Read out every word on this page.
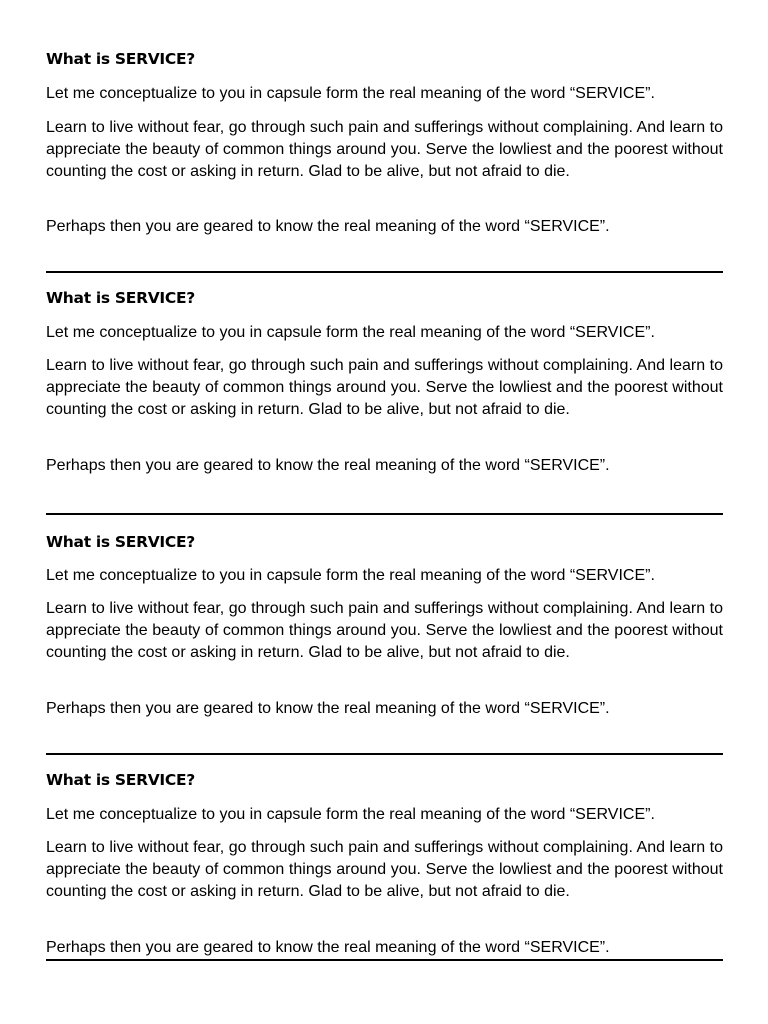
What is SERVICE?
Let me conceptualize to you in capsule form the real meaning of the word “SERVICE”.
Learn to live without fear, go through such pain and sufferings without complaining. And learn to appreciate the beauty of common things around you. Serve the lowliest and the poorest without counting the cost or asking in return. Glad to be alive, but not afraid to die.
Perhaps then you are geared to know the real meaning of the word “SERVICE”.
What is SERVICE?
Let me conceptualize to you in capsule form the real meaning of the word “SERVICE”.
Learn to live without fear, go through such pain and sufferings without complaining. And learn to appreciate the beauty of common things around you. Serve the lowliest and the poorest without counting the cost or asking in return. Glad to be alive, but not afraid to die.
Perhaps then you are geared to know the real meaning of the word “SERVICE”.
What is SERVICE?
Let me conceptualize to you in capsule form the real meaning of the word “SERVICE”.
Learn to live without fear, go through such pain and sufferings without complaining. And learn to appreciate the beauty of common things around you. Serve the lowliest and the poorest without counting the cost or asking in return. Glad to be alive, but not afraid to die.
Perhaps then you are geared to know the real meaning of the word “SERVICE”.
What is SERVICE?
Let me conceptualize to you in capsule form the real meaning of the word “SERVICE”.
Learn to live without fear, go through such pain and sufferings without complaining. And learn to appreciate the beauty of common things around you. Serve the lowliest and the poorest without counting the cost or asking in return. Glad to be alive, but not afraid to die.
Perhaps then you are geared to know the real meaning of the word “SERVICE”.
